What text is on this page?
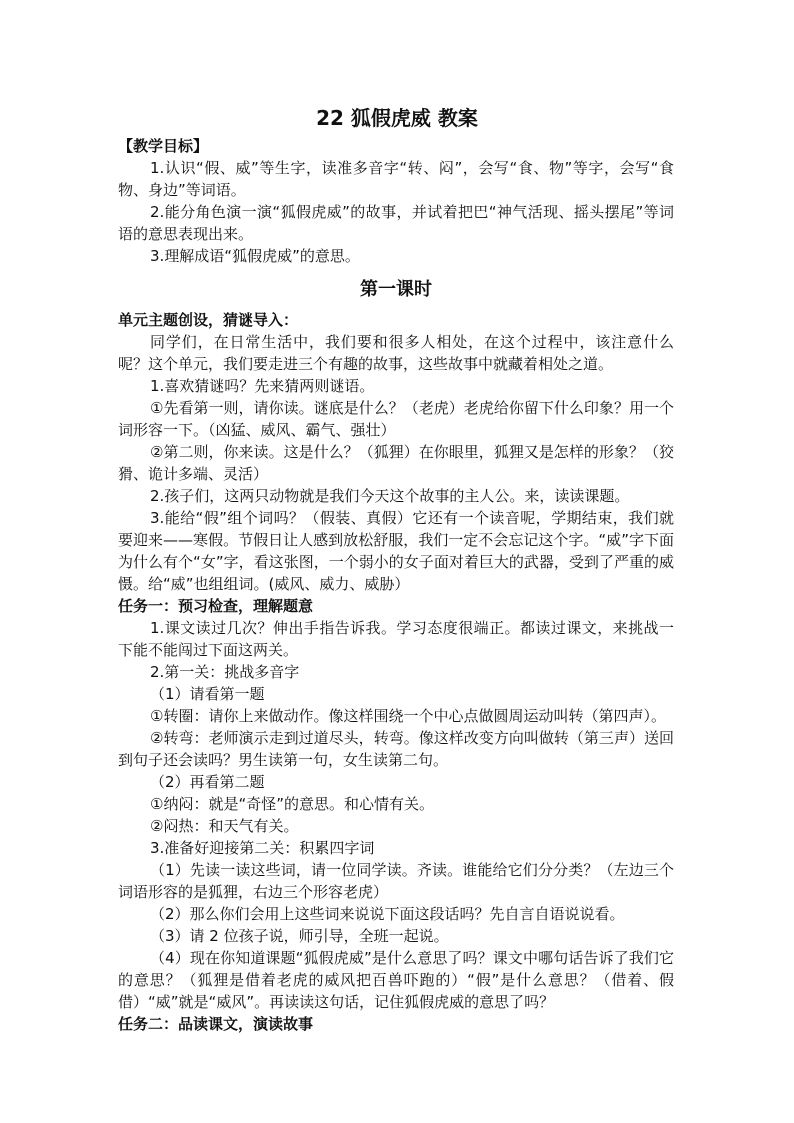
22 狐假虎威 教案

【教学目标】

1.认识“假、威”等生字，读准多音字“转、闷”，会写“食、物”等字，会写“食物、身边”等词语。

2.能分角色演一演“狐假虎威”的故事，并试着把巴“神气活现、摇头摆尾”等词语的意思表现出来。

3.理解成语“狐假虎威”的意思。

第一课时

单元主题创设，猜谜导入：

同学们，在日常生活中，我们要和很多人相处，在这个过程中，该注意什么呢？这个单元，我们要走进三个有趣的故事，这些故事中就藏着相处之道。

1.喜欢猜谜吗？先来猜两则谜语。

①先看第一则，请你读。谜底是什么？（老虎）老虎给你留下什么印象？用一个词形容一下。（凶猛、威风、霸气、强壮）

②第二则，你来读。这是什么？（狐狸）在你眼里，狐狸又是怎样的形象？（狡猾、诡计多端、灵活）

2.孩子们，这两只动物就是我们今天这个故事的主人公。来，读读课题。

3.能给“假”组个词吗？（假装、真假）它还有一个读音呢，学期结束，我们就要迎来——寒假。节假日让人感到放松舒服，我们一定不会忘记这个字。“威”字下面为什么有个“女”字，看这张图，一个弱小的女子面对着巨大的武器，受到了严重的威慑。给“威”也组组词。(威风、威力、威胁）

任务一：预习检查，理解题意

1.课文读过几次？伸出手指告诉我。学习态度很端正。都读过课文，来挑战一下能不能闯过下面这两关。

2.第一关：挑战多音字

（1）请看第一题

①转圈：请你上来做动作。像这样围绕一个中心点做圆周运动叫转（第四声）。

②转弯：老师演示走到过道尽头，转弯。像这样改变方向叫做转（第三声）送回到句子还会读吗？男生读第一句，女生读第二句。

（2）再看第二题

①纳闷：就是“奇怪”的意思。和心情有关。

②闷热：和天气有关。

3.准备好迎接第二关：积累四字词

（1）先读一读这些词，请一位同学读。齐读。谁能给它们分分类？（左边三个词语形容的是狐狸，右边三个形容老虎）

（2）那么你们会用上这些词来说说下面这段话吗？先自言自语说说看。

（3）请 2 位孩子说，师引导，全班一起说。

（4）现在你知道课题“狐假虎威”是什么意思了吗？课文中哪句话告诉了我们它的意思？（狐狸是借着老虎的威风把百兽吓跑的）“假”是什么意思？（借着、假借）“威”就是“威风”。再读读这句话，记住狐假虎威的意思了吗？

任务二：品读课文，演读故事
